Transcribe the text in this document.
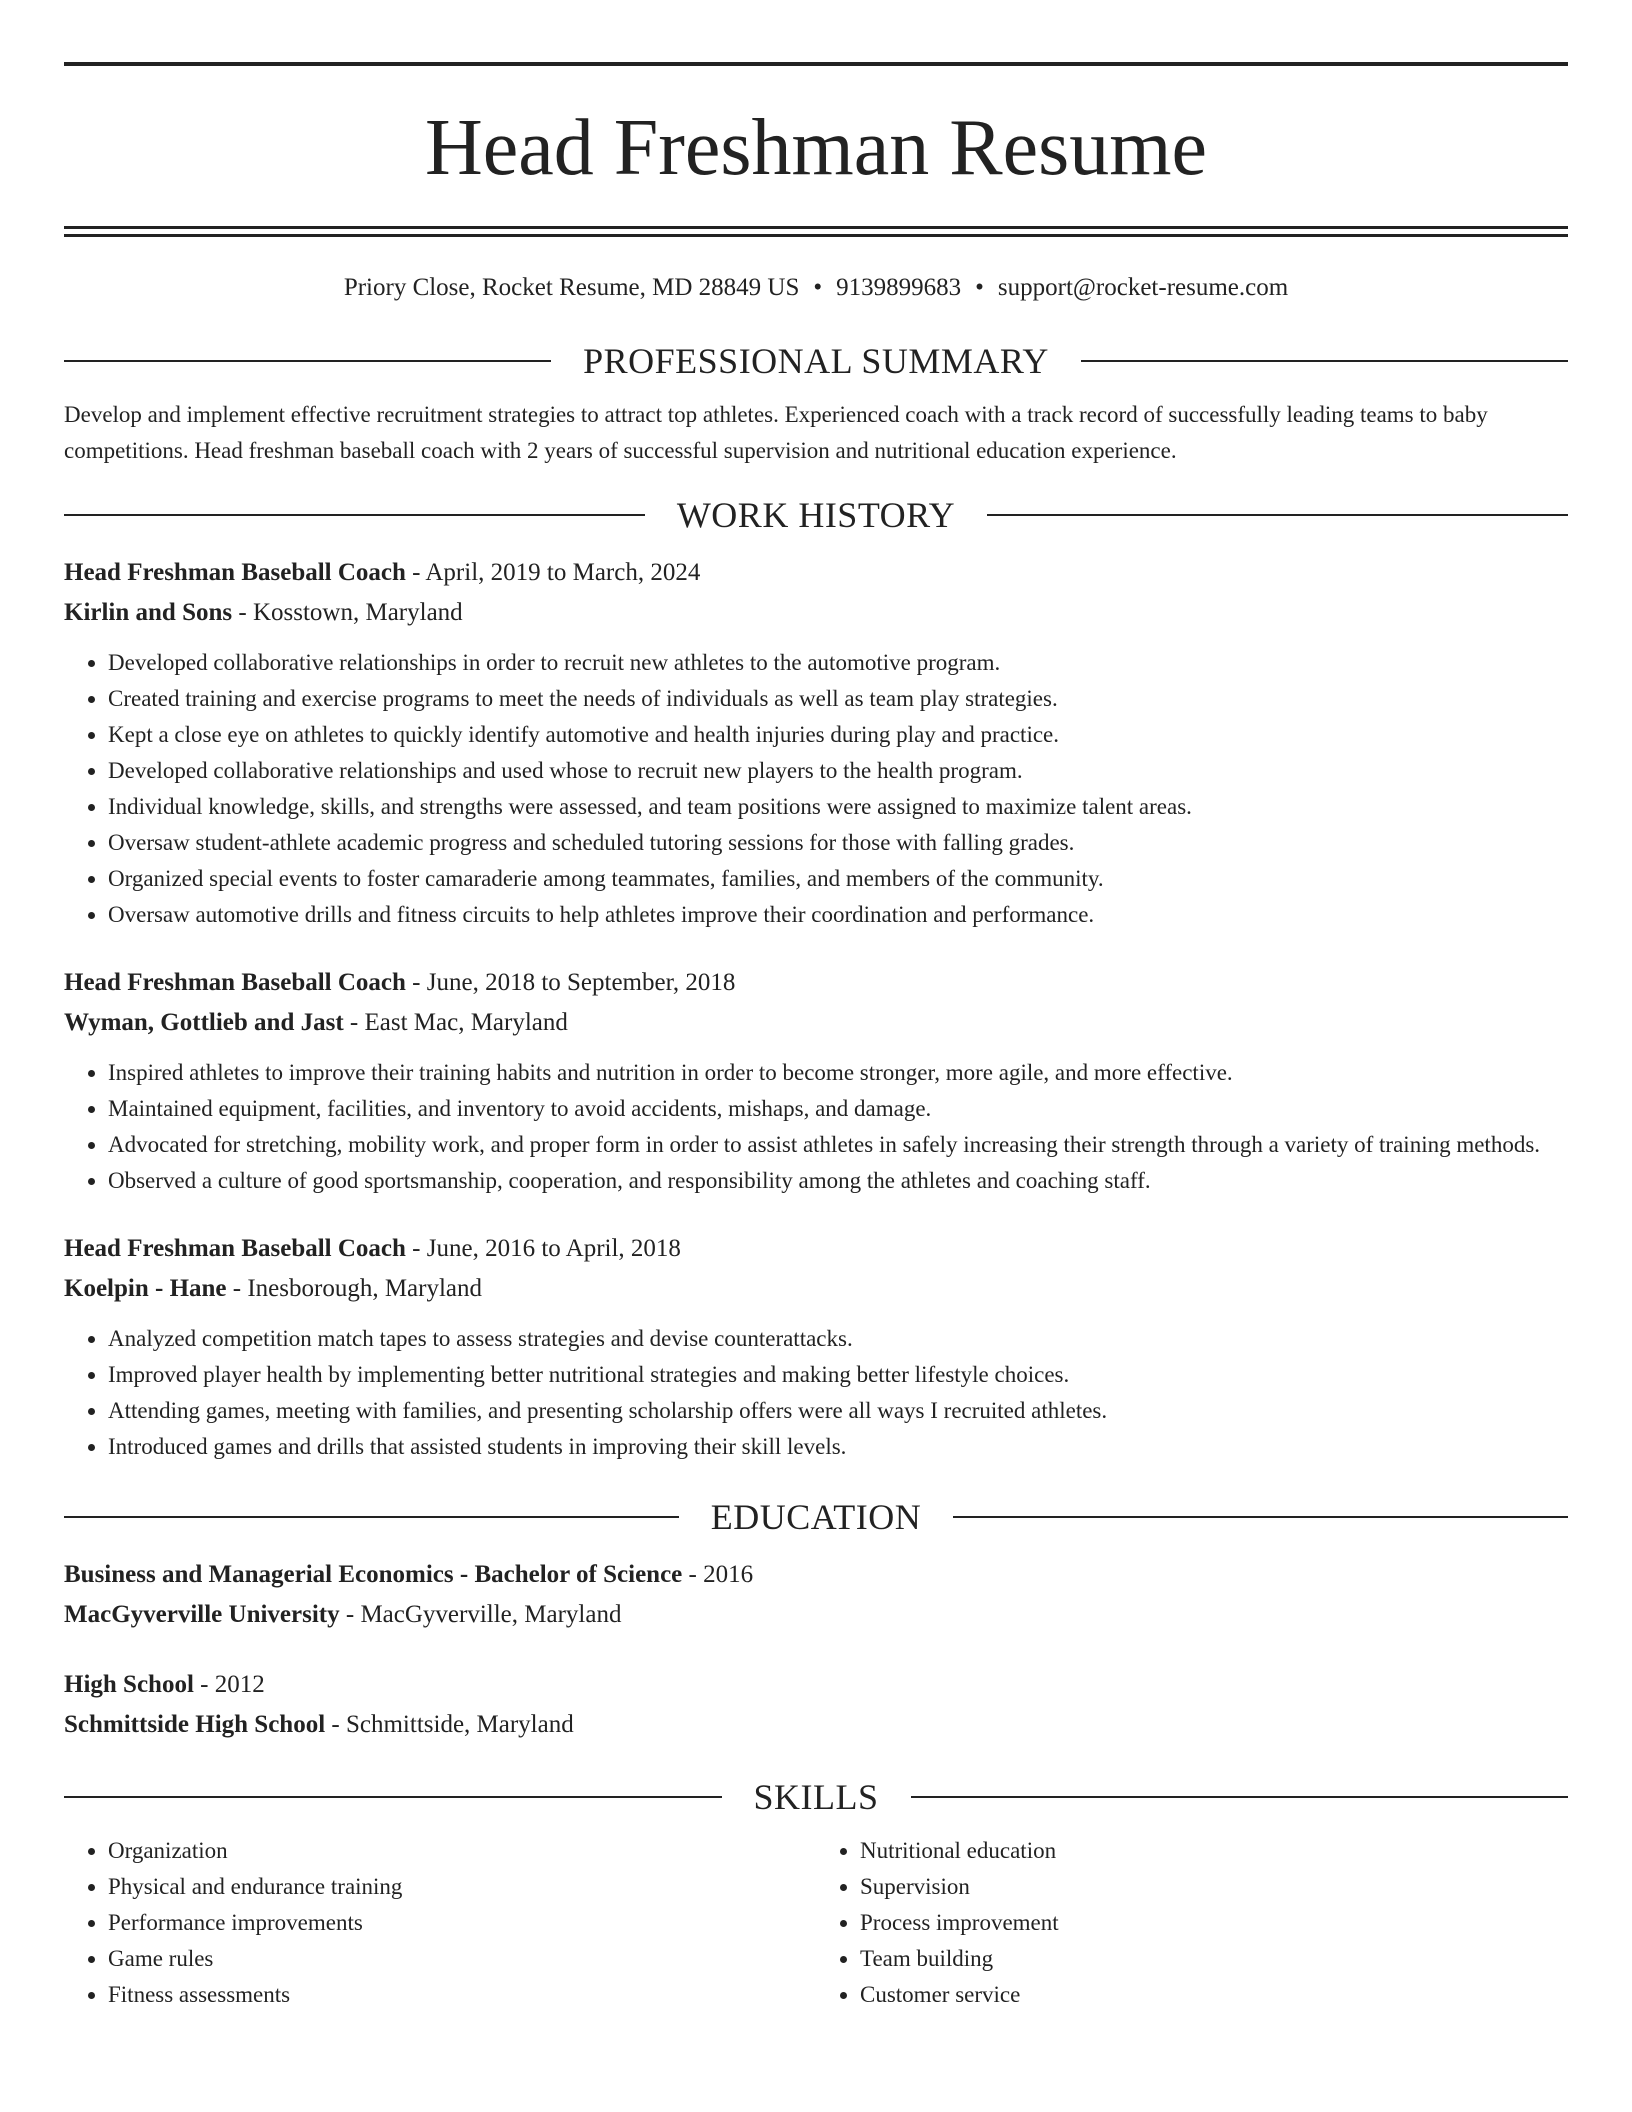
Head Freshman Resume
Priory Close, Rocket Resume, MD 28849 US • 9139899683 • support@rocket-resume.com
PROFESSIONAL SUMMARY
Develop and implement effective recruitment strategies to attract top athletes. Experienced coach with a track record of successfully leading teams to baby competitions. Head freshman baseball coach with 2 years of successful supervision and nutritional education experience.
WORK HISTORY
Head Freshman Baseball Coach - April, 2019 to March, 2024
Kirlin and Sons - Kosstown, Maryland
• Developed collaborative relationships in order to recruit new athletes to the automotive program.
• Created training and exercise programs to meet the needs of individuals as well as team play strategies.
• Kept a close eye on athletes to quickly identify automotive and health injuries during play and practice.
• Developed collaborative relationships and used whose to recruit new players to the health program.
• Individual knowledge, skills, and strengths were assessed, and team positions were assigned to maximize talent areas.
• Oversaw student-athlete academic progress and scheduled tutoring sessions for those with falling grades.
• Organized special events to foster camaraderie among teammates, families, and members of the community.
• Oversaw automotive drills and fitness circuits to help athletes improve their coordination and performance.
Head Freshman Baseball Coach - June, 2018 to September, 2018
Wyman, Gottlieb and Jast - East Mac, Maryland
• Inspired athletes to improve their training habits and nutrition in order to become stronger, more agile, and more effective.
• Maintained equipment, facilities, and inventory to avoid accidents, mishaps, and damage.
• Advocated for stretching, mobility work, and proper form in order to assist athletes in safely increasing their strength through a variety of training methods.
• Observed a culture of good sportsmanship, cooperation, and responsibility among the athletes and coaching staff.
Head Freshman Baseball Coach - June, 2016 to April, 2018
Koelpin - Hane - Inesborough, Maryland
• Analyzed competition match tapes to assess strategies and devise counterattacks.
• Improved player health by implementing better nutritional strategies and making better lifestyle choices.
• Attending games, meeting with families, and presenting scholarship offers were all ways I recruited athletes.
• Introduced games and drills that assisted students in improving their skill levels.
EDUCATION
Business and Managerial Economics - Bachelor of Science - 2016
MacGyverville University - MacGyverville, Maryland
High School - 2012
Schmittside High School - Schmittside, Maryland
SKILLS
• Organization
• Physical and endurance training
• Performance improvements
• Game rules
• Fitness assessments
• Nutritional education
• Supervision
• Process improvement
• Team building
• Customer service
